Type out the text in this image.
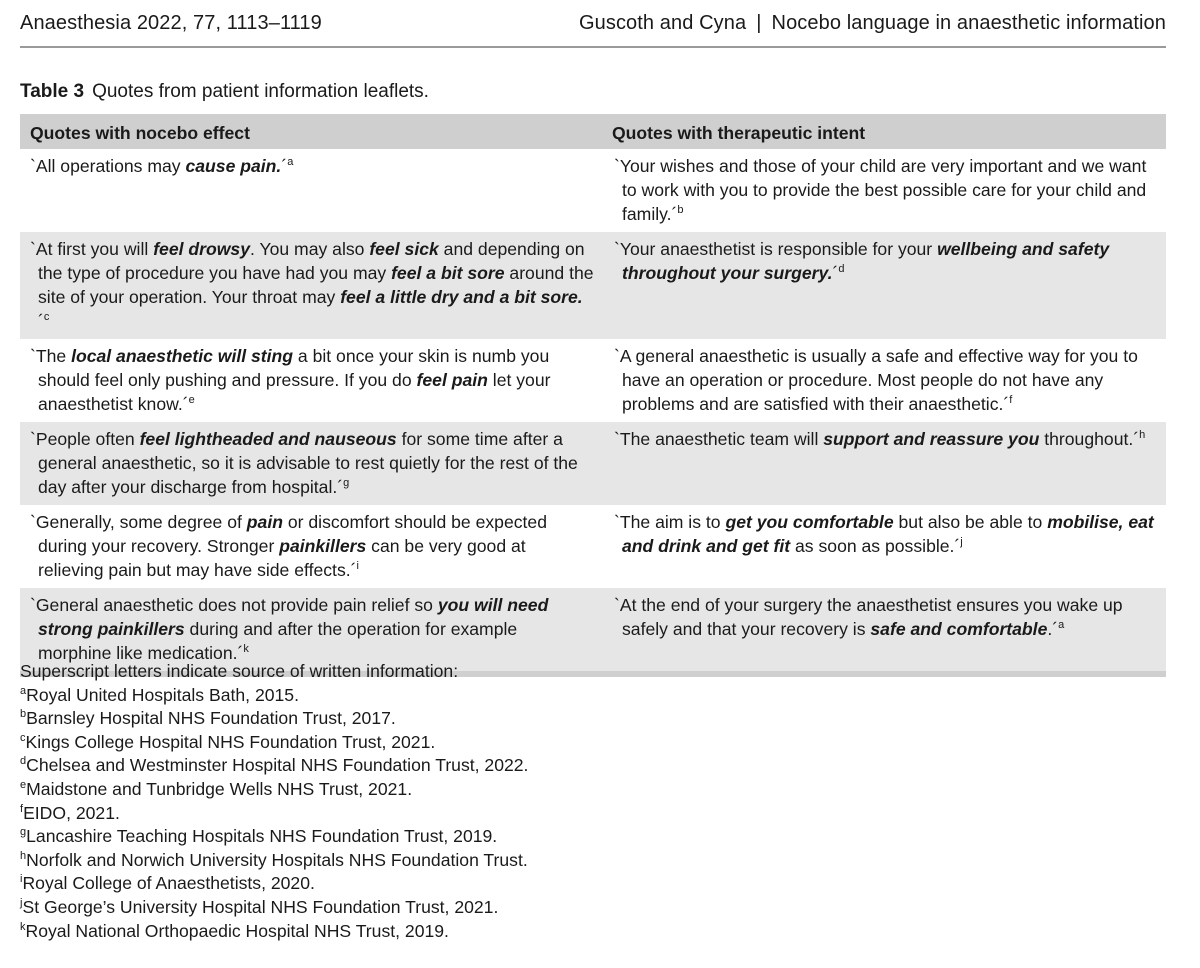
Anaesthesia 2022, 77, 1113–1119	Guscoth and Cyna | Nocebo language in anaesthetic information
Table 3 Quotes from patient information leaflets.
Quotes with nocebo effect	Quotes with therapeutic intent
`All operations may cause pain.´$^a$	`Your wishes and those of your child are very important and we want to work with you to provide the best possible care for your child and family.´$^b$
`At first you will feel drowsy. You may also feel sick and depending on the type of procedure you have had you may feel a bit sore around the site of your operation. Your throat may feel a little dry and a bit sore.´$^c$	`Your anaesthetist is responsible for your wellbeing and safety throughout your surgery.´$^d$
`The local anaesthetic will sting a bit once your skin is numb you should feel only pushing and pressure. If you do feel pain let your anaesthetist know.´$^e$	`A general anaesthetic is usually a safe and effective way for you to have an operation or procedure. Most people do not have any problems and are satisfied with their anaesthetic.´$^f$
`People often feel lightheaded and nauseous for some time after a general anaesthetic, so it is advisable to rest quietly for the rest of the day after your discharge from hospital.´$^g$	`The anaesthetic team will support and reassure you throughout.´$^h$
`Generally, some degree of pain or discomfort should be expected during your recovery. Stronger painkillers can be very good at relieving pain but may have side effects.´$^i$	`The aim is to get you comfortable but also be able to mobilise, eat and drink and get fit as soon as possible.´$^j$
`General anaesthetic does not provide pain relief so you will need strong painkillers during and after the operation for example morphine like medication.´$^k$	`At the end of your surgery the anaesthetist ensures you wake up safely and that your recovery is safe and comfortable.´$^a$
Superscript letters indicate source of written information:
$^a$Royal United Hospitals Bath, 2015.
$^b$Barnsley Hospital NHS Foundation Trust, 2017.
$^c$Kings College Hospital NHS Foundation Trust, 2021.
$^d$Chelsea and Westminster Hospital NHS Foundation Trust, 2022.
$^e$Maidstone and Tunbridge Wells NHS Trust, 2021.
$^f$EIDO, 2021.
$^g$Lancashire Teaching Hospitals NHS Foundation Trust, 2019.
$^h$Norfolk and Norwich University Hospitals NHS Foundation Trust.
$^i$Royal College of Anaesthetists, 2020.
$^j$St George’s University Hospital NHS Foundation Trust, 2021.
$^k$Royal National Orthopaedic Hospital NHS Trust, 2019.
